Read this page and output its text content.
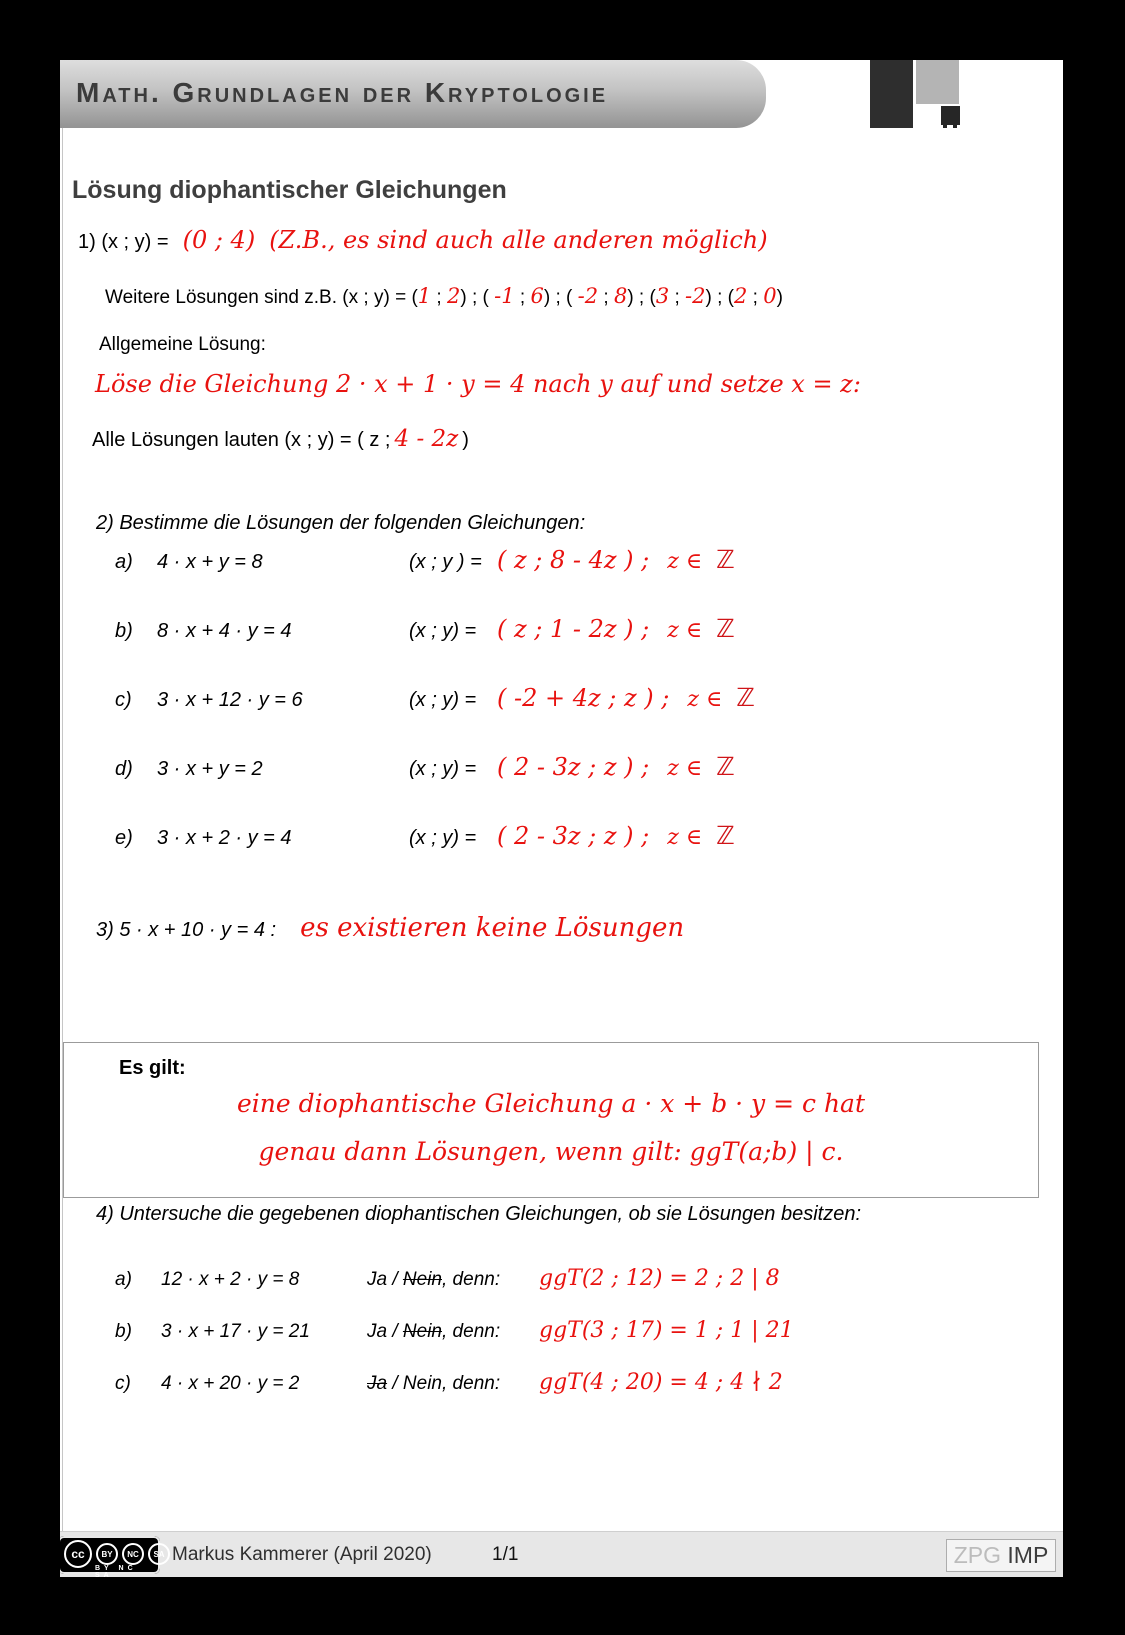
Math. Grundlagen der Kryptologie
Lösung diophantischer Gleichungen
1) (x ; y) = (0 ; 4) (Z.B., es sind auch alle anderen möglich)
Weitere Lösungen sind z.B. (x ; y) = (1 ; 2) ; ( -1 ; 6) ; ( -2 ; 8) ; (3 ; -2) ; (2 ; 0)
Allgemeine Lösung:
Löse die Gleichung 2 · x + 1 · y = 4 nach y auf und setze x = z:
Alle Lösungen lauten (x ; y) = ( z ; 4 - 2z )
2) Bestimme die Lösungen der folgenden Gleichungen:
a)	4 · x + y = 8	(x ; y ) = ( z ; 8 - 4z ) ; z ∈ ℤ
b)	8 · x + 4 · y = 4	(x ; y) = ( z ; 1 - 2z ) ; z ∈ ℤ
c)	3 · x + 12 · y = 6	(x ; y) = ( -2 + 4z ; z ) ; z ∈ ℤ
d)	3 · x + y = 2	(x ; y) = ( 2 - 3z ; z ) ; z ∈ ℤ
e)	3 · x + 2 · y = 4	(x ; y) = ( 2 - 3z ; z ) ; z ∈ ℤ
3) 5 · x + 10 · y = 4 : es existieren keine Lösungen
Es gilt:
eine diophantische Gleichung a · x + b · y = c hat
genau dann Lösungen, wenn gilt: ggT(a;b) | c.
4) Untersuche die gegebenen diophantischen Gleichungen, ob sie Lösungen besitzen:
a)	12 · x + 2 · y = 8	Ja / Nein, denn:	ggT(2 ; 12) = 2 ; 2 | 8
b)	3 · x + 17 · y = 21	Ja / Nein, denn:	ggT(3 ; 17) = 1 ; 1 | 21
c)	4 · x + 20 · y = 2	Ja / Nein, denn:	ggT(4 ; 20) = 4 ; 4 ∤ 2
cc	BY	NC	SA
BY NC SA
Markus Kammerer (April 2020)	1/1	ZPG IMP
